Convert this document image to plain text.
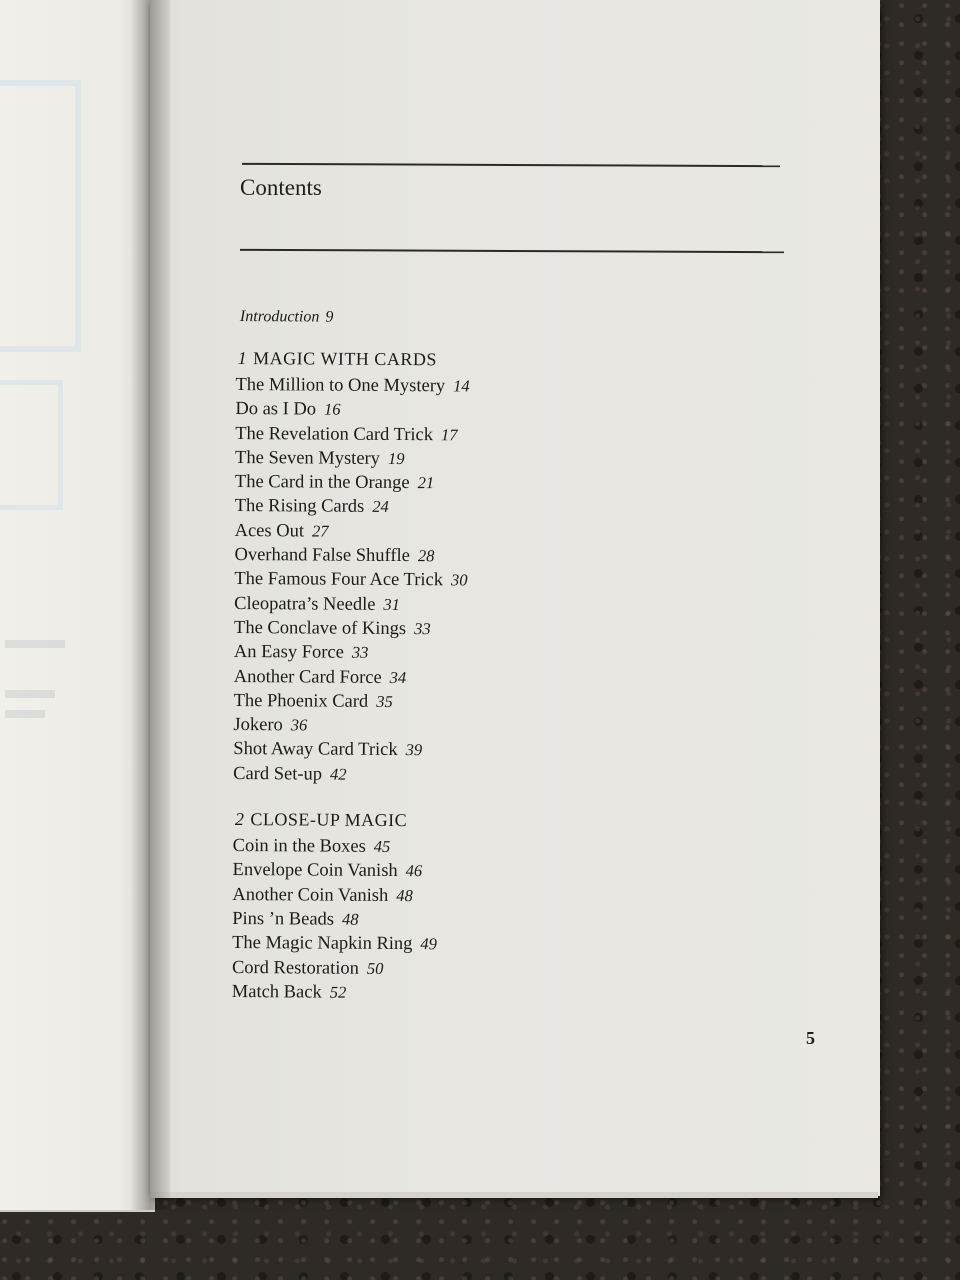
Contents
Introduction 9
1 MAGIC WITH CARDS
The Million to One Mystery 14
Do as I Do 16
The Revelation Card Trick 17
The Seven Mystery 19
The Card in the Orange 21
The Rising Cards 24
Aces Out 27
Overhand False Shuffle 28
The Famous Four Ace Trick 30
Cleopatra’s Needle 31
The Conclave of Kings 33
An Easy Force 33
Another Card Force 34
The Phoenix Card 35
Jokero 36
Shot Away Card Trick 39
Card Set-up 42
2 CLOSE-UP MAGIC
Coin in the Boxes 45
Envelope Coin Vanish 46
Another Coin Vanish 48
Pins ’n Beads 48
The Magic Napkin Ring 49
Cord Restoration 50
Match Back 52
5
